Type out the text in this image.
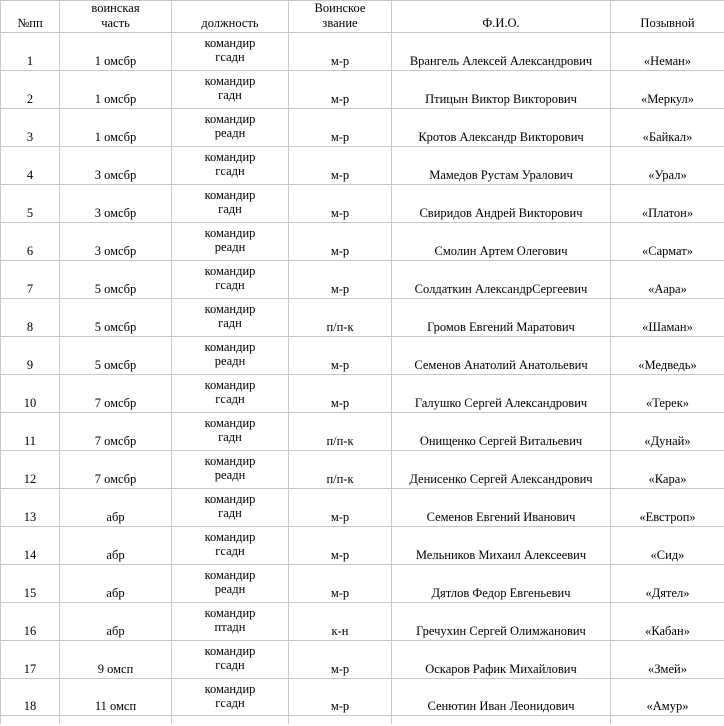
№пп	воинская
часть	должность	Воинское
звание	Ф.И.О.	Позывной

1	1 омсбр	командир
гсадн	м-р	Врангель Алексей Александрович	«Неман»

2	1 омсбр	командир
гадн	м-р	Птицын Виктор Викторович	«Меркул»

3	1 омсбр	командир
реадн	м-р	Кротов Александр Викторович	«Байкал»

4	3 омсбр	командир
гсадн	м-р	Мамедов Рустам Уралович	«Урал»

5	3 омсбр	командир
гадн	м-р	Свиридов Андрей Викторович	«Платон»

6	3 омсбр	командир
реадн	м-р	Смолин Артем Олегович	«Сармат»

7	5 омсбр	командир
гсадн	м-р	Солдаткин АлександрСергеевич	«Аара»

8	5 омсбр	командир
гадн	п/п-к	Громов Евгений Маратович	«Шаман»

9	5 омсбр	командир
реадн	м-р	Семенов Анатолий Анатольевич	«Медведь»

10	7 омсбр	командир
гсадн	м-р	Галушко Сергей Александрович	«Терек»

11	7 омсбр	командир
гадн	п/п-к	Онищенко Сергей Витальевич	«Дунай»

12	7 омсбр	командир
реадн	п/п-к	Денисенко Сергей Александрович	«Кара»

13	абр	командир
гадн	м-р	Семенов Евгений Иванович	«Евстроп»

14	абр	командир
гсадн	м-р	Мельников Михаил Алексеевич	«Сид»

15	абр	командир
реадн	м-р	Дятлов Федор Евгеньевич	«Дятел»

16	абр	командир
птадн	к-н	Гречухин Сергей Олимжанович	«Кабан»

17	9 омсп	командир
гсадн	м-р	Оскаров Рафик Михайлович	«Змей»

18	11 омсп	командир
гсадн	м-р	Сенютин Иван Леонидович	«Амур»
